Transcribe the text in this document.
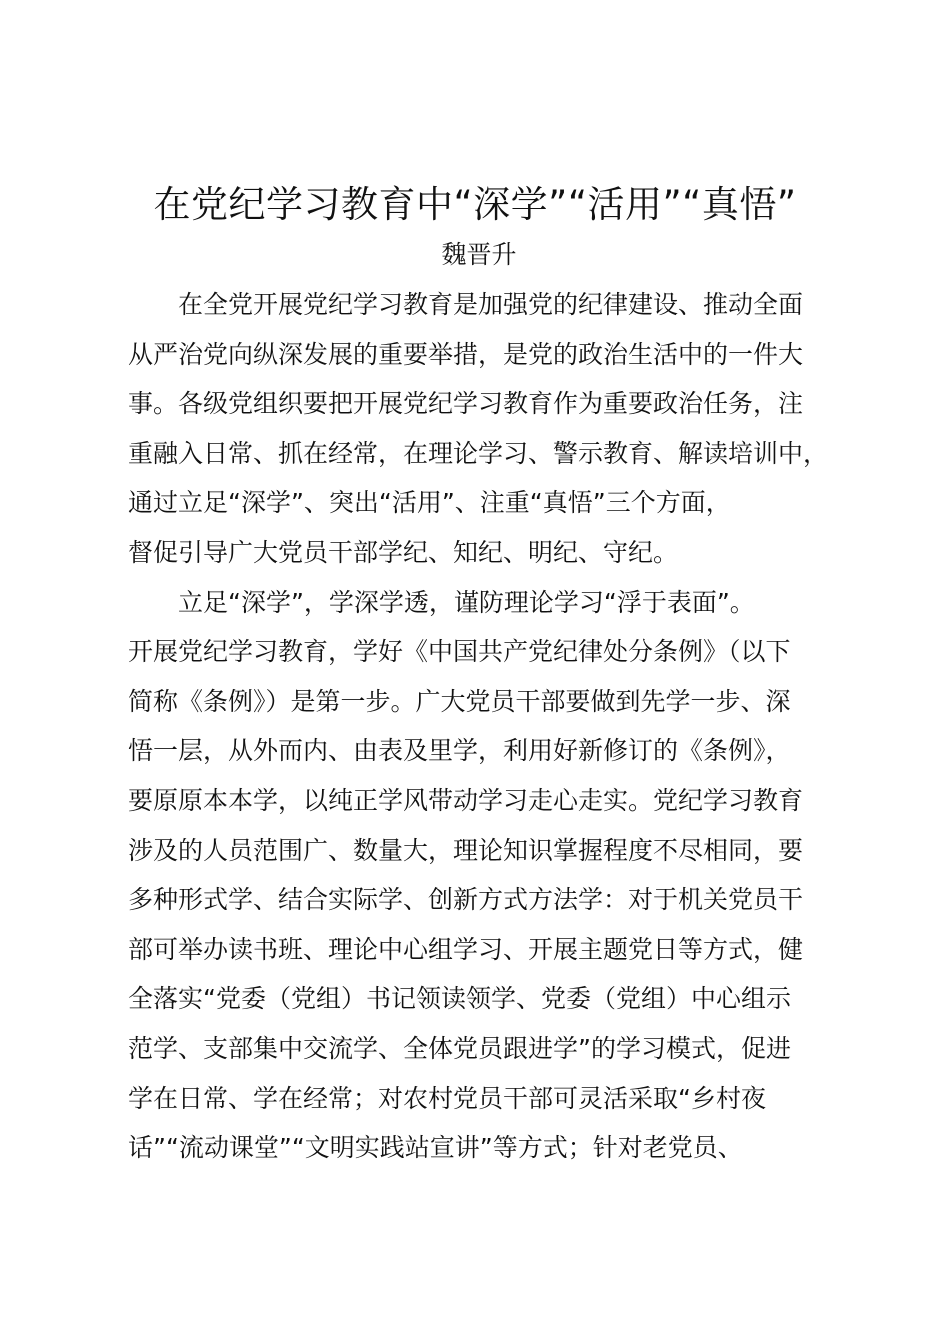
在党纪学习教育中“深学”“活用”“真悟”
魏晋升
在全党开展党纪学习教育是加强党的纪律建设、推动全面
从严治党向纵深发展的重要举措，是党的政治生活中的一件大
事。各级党组织要把开展党纪学习教育作为重要政治任务，注
重融入日常、抓在经常，在理论学习、警示教育、解读培训中，
通过立足“深学”、突出“活用”、注重“真悟”三个方面，
督促引导广大党员干部学纪、知纪、明纪、守纪。
立足“深学”，学深学透，谨防理论学习“浮于表面”。
开展党纪学习教育，学好《中国共产党纪律处分条例》（以下
简称《条例》）是第一步。广大党员干部要做到先学一步、深
悟一层，从外而内、由表及里学，利用好新修订的《条例》，
要原原本本学，以纯正学风带动学习走心走实。党纪学习教育
涉及的人员范围广、数量大，理论知识掌握程度不尽相同，要
多种形式学、结合实际学、创新方式方法学：对于机关党员干
部可举办读书班、理论中心组学习、开展主题党日等方式，健
全落实“党委（党组）书记领读领学、党委（党组）中心组示
范学、支部集中交流学、全体党员跟进学”的学习模式，促进
学在日常、学在经常；对农村党员干部可灵活采取“乡村夜
话”“流动课堂”“文明实践站宣讲”等方式；针对老党员、
